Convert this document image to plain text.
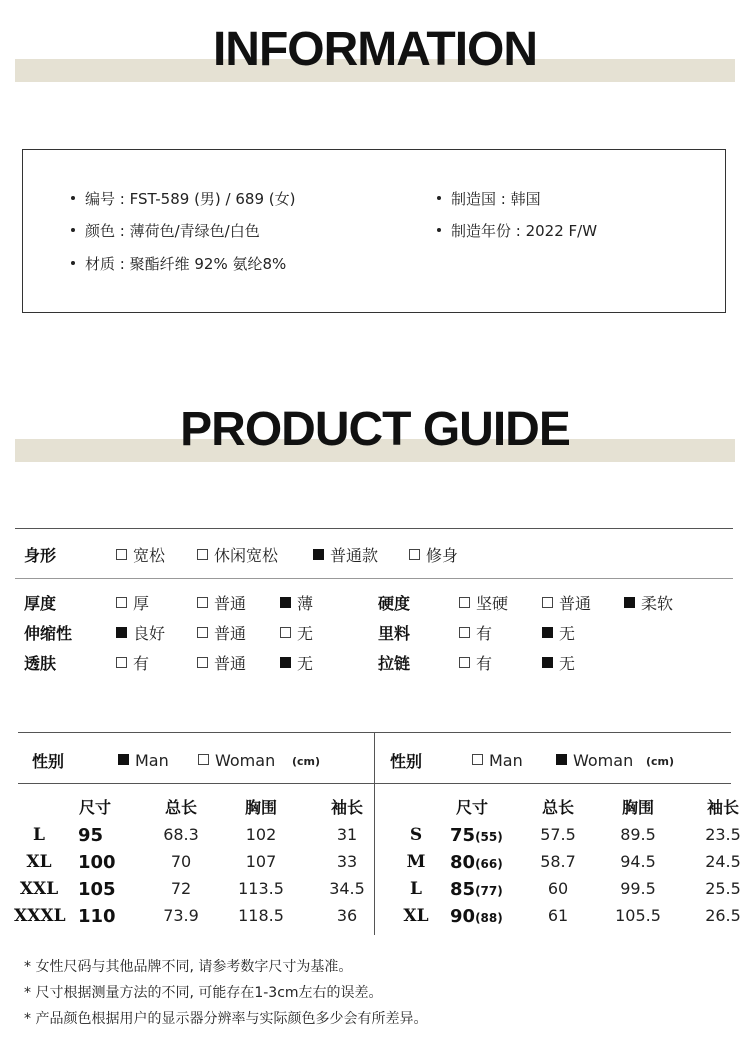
INFORMATION
编号 : FST-589 (男) / 689 (女)
颜色 : 薄荷色/青绿色/白色
材质 : 聚酯纤维 92% 氨纶8%
制造国 : 韩国
制造年份 : 2022 F/W
PRODUCT GUIDE
身形	宽松	休闲宽松	普通款	修身
厚度	厚	普通	薄
伸缩性	良好	普通	无
透肤	有	普通	无
硬度	坚硬	普通	柔软
里料	有	无
拉链	有	无
性别	Man	Woman (cm)
尺寸	总长	胸围	袖长
L	95	68.3	102	31
XL	100	70	107	33
XXL	105	72	113.5	34.5
XXXL 110	73.9	118.5	36
性别	Man	Woman (cm)
尺寸	总长	胸围	袖长
S	75(55)	57.5	89.5	23.5
M	80(66)	58.7	94.5	24.5
L	85(77)	60	99.5	25.5
XL	90(88)	61	105.5	26.5
* 女性尺码与其他品牌不同, 请参考数字尺寸为基准。
* 尺寸根据测量方法的不同, 可能存在1-3cm左右的误差。
* 产品颜色根据用户的显示器分辨率与实际颜色多少会有所差异。
